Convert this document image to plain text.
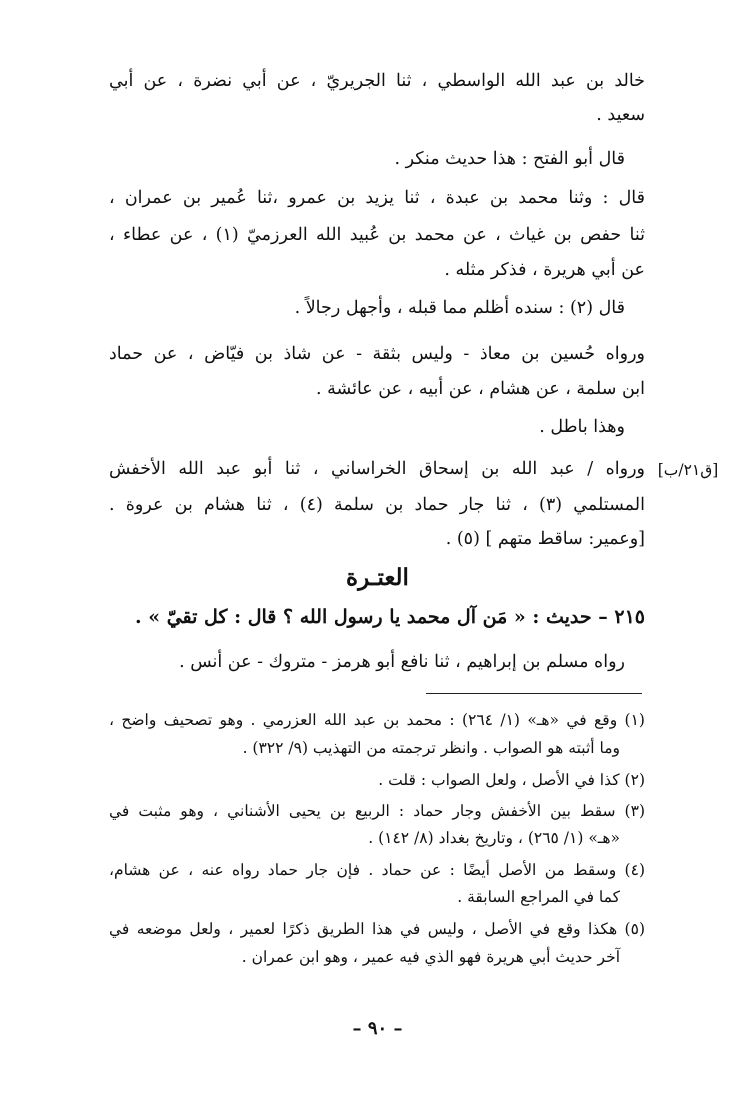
خالد بن عبد الله الواسطي ، ثنا الجريريّ ، عن أبي نضرة ، عن أبي
سعيد .
قال أبو الفتح : هذا حديث منكر .
قال : وثنا محمد بن عبدة ، ثنا يزيد بن عمرو ،ثنا عُمير بن عمران ،
ثنا حفص بن غياث ، عن محمد بن عُبيد الله العرزميّ (١) ، عن عطاء ،
عن أبي هريرة ، فذكر مثله .
قال (٢) : سنده أظلم مما قبله ، وأجهل رجالاً .
ورواه حُسين بن معاذ - وليس بثقة - عن شاذ بن فيّاض ، عن حماد
ابن سلمة ، عن هشام ، عن أبيه ، عن عائشة .
وهذا باطل .
[ق٢١/ب]
ورواه / عبد الله بن إسحاق الخراساني ، ثنا أبو عبد الله الأخفش
المستلمي (٣) ، ثنا جار حماد بن سلمة (٤) ، ثنا هشام بن عروة .
[وعمير: ساقط متهم ] (٥) .
العتـرة
٢١٥ – حديث : « مَن آل محمد يا رسول الله ؟ قال : كل تقيّ » .
رواه مسلم بن إبراهيم ، ثنا نافع أبو هرمز - متروك - عن أنس .
(١) وقع في «هـ» (١/ ٢٦٤) : محمد بن عبد الله العزرمي . وهو تصحيف واضح ،
وما أثبته هو الصواب . وانظر ترجمته من التهذيب (٩/ ٣٢٢) .
(٢) كذا في الأصل ، ولعل الصواب : قلت .
(٣) سقط بين الأخفش وجار حماد : الربيع بن يحيى الأشناني ، وهو مثبت في
«هـ» (١/ ٢٦٥) ، وتاريخ بغداد (٨/ ١٤٢) .
(٤) وسقط من الأصل أيضًا : عن حماد . فإن جار حماد رواه عنه ، عن هشام،
كما في المراجع السابقة .
(٥) هكذا وقع في الأصل ، وليس في هذا الطريق ذكرًا لعمير ، ولعل موضعه في
آخر حديث أبي هريرة فهو الذي فيه عمير ، وهو ابن عمران .
– ٩٠ –
